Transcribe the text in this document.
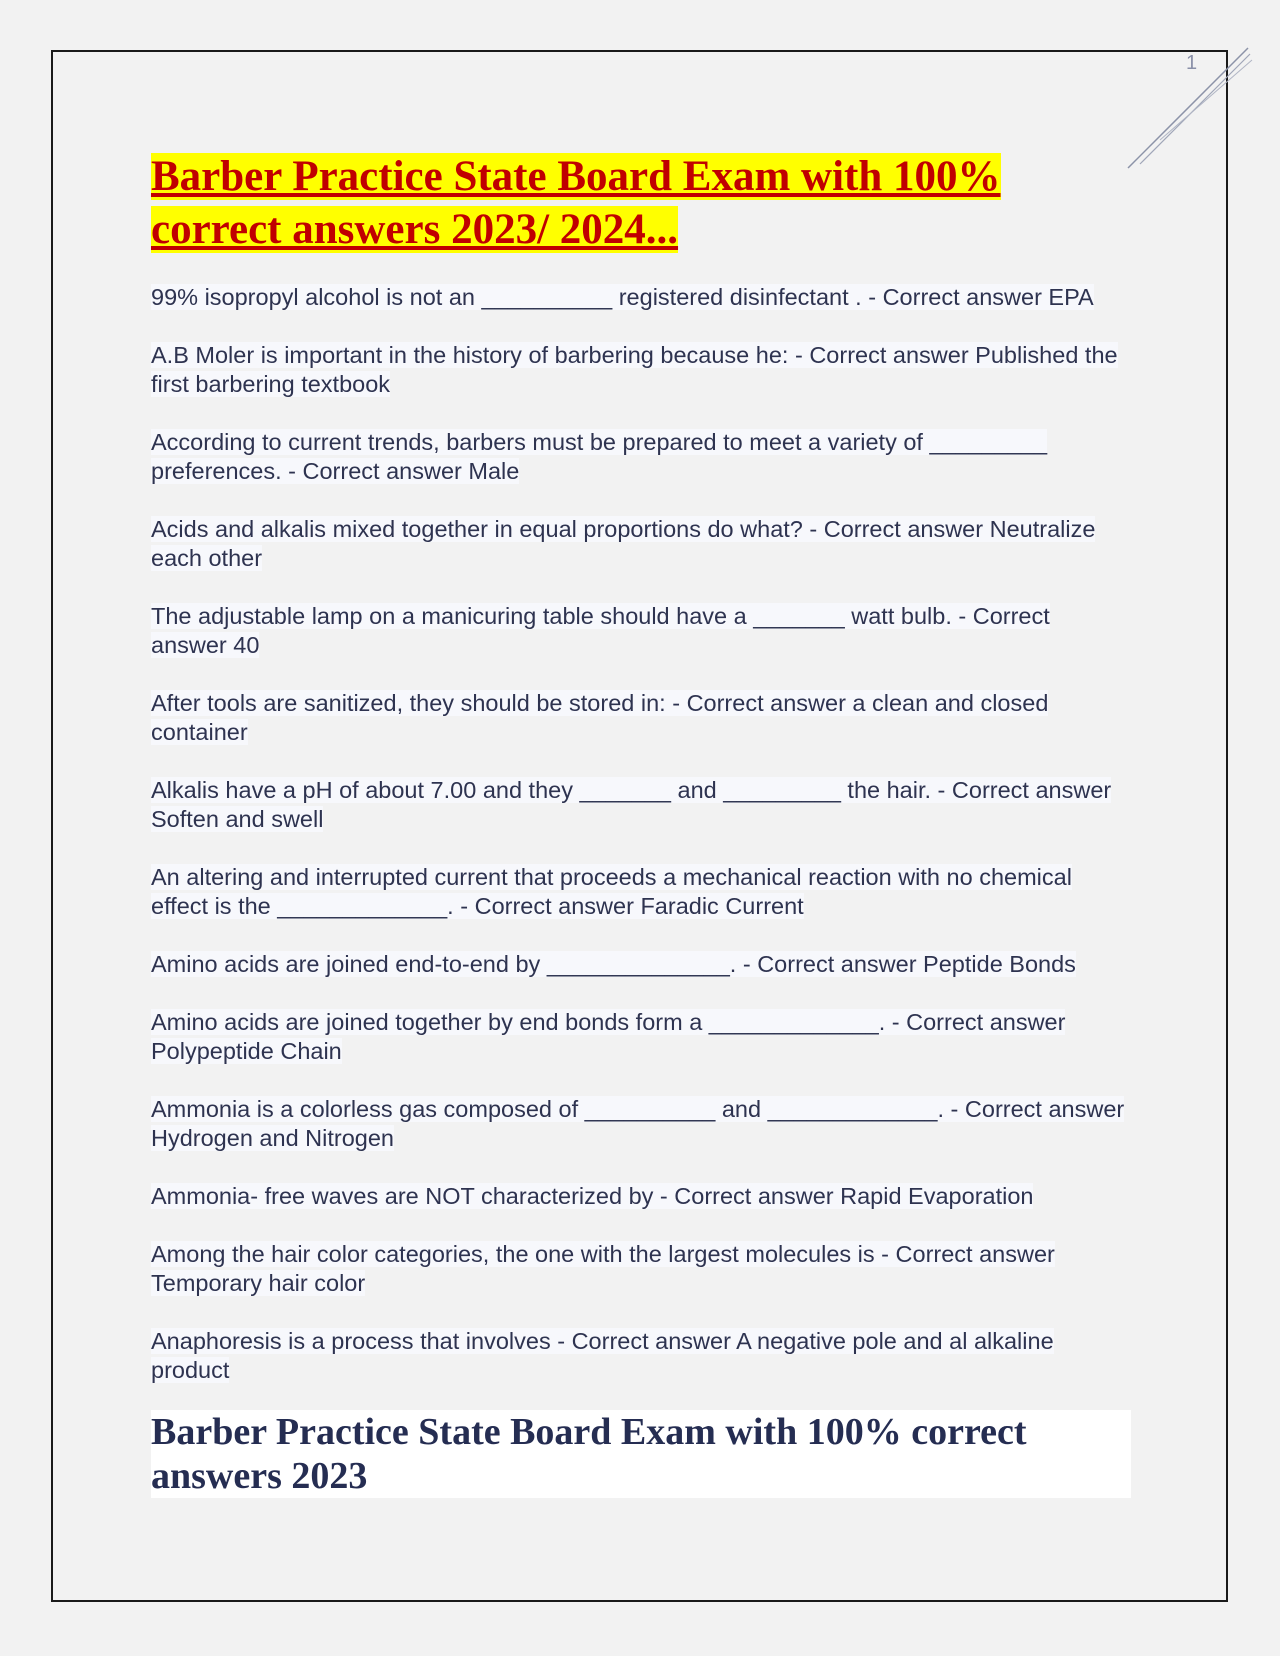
1
Barber Practice State Board Exam with 100% correct answers 2023/ 2024...

99% isopropyl alcohol is not an __________ registered disinfectant . - Correct answer EPA

A.B Moler is important in the history of barbering because he: - Correct answer Published the first barbering textbook

According to current trends, barbers must be prepared to meet a variety of _________ preferences. - Correct answer Male

Acids and alkalis mixed together in equal proportions do what? - Correct answer Neutralize each other

The adjustable lamp on a manicuring table should have a _______ watt bulb. - Correct answer 40

After tools are sanitized, they should be stored in: - Correct answer a clean and closed container

Alkalis have a pH of about 7.00 and they _______ and _________ the hair. - Correct answer Soften and swell

An altering and interrupted current that proceeds a mechanical reaction with no chemical effect is the _____________. - Correct answer Faradic Current

Amino acids are joined end-to-end by ______________. - Correct answer Peptide Bonds

Amino acids are joined together by end bonds form a _____________. - Correct answer Polypeptide Chain

Ammonia is a colorless gas composed of __________ and _____________. - Correct answer Hydrogen and Nitrogen

Ammonia- free waves are NOT characterized by - Correct answer Rapid Evaporation

Among the hair color categories, the one with the largest molecules is - Correct answer Temporary hair color

Anaphoresis is a process that involves - Correct answer A negative pole and al alkaline product

Barber Practice State Board Exam with 100% correct answers 2023
